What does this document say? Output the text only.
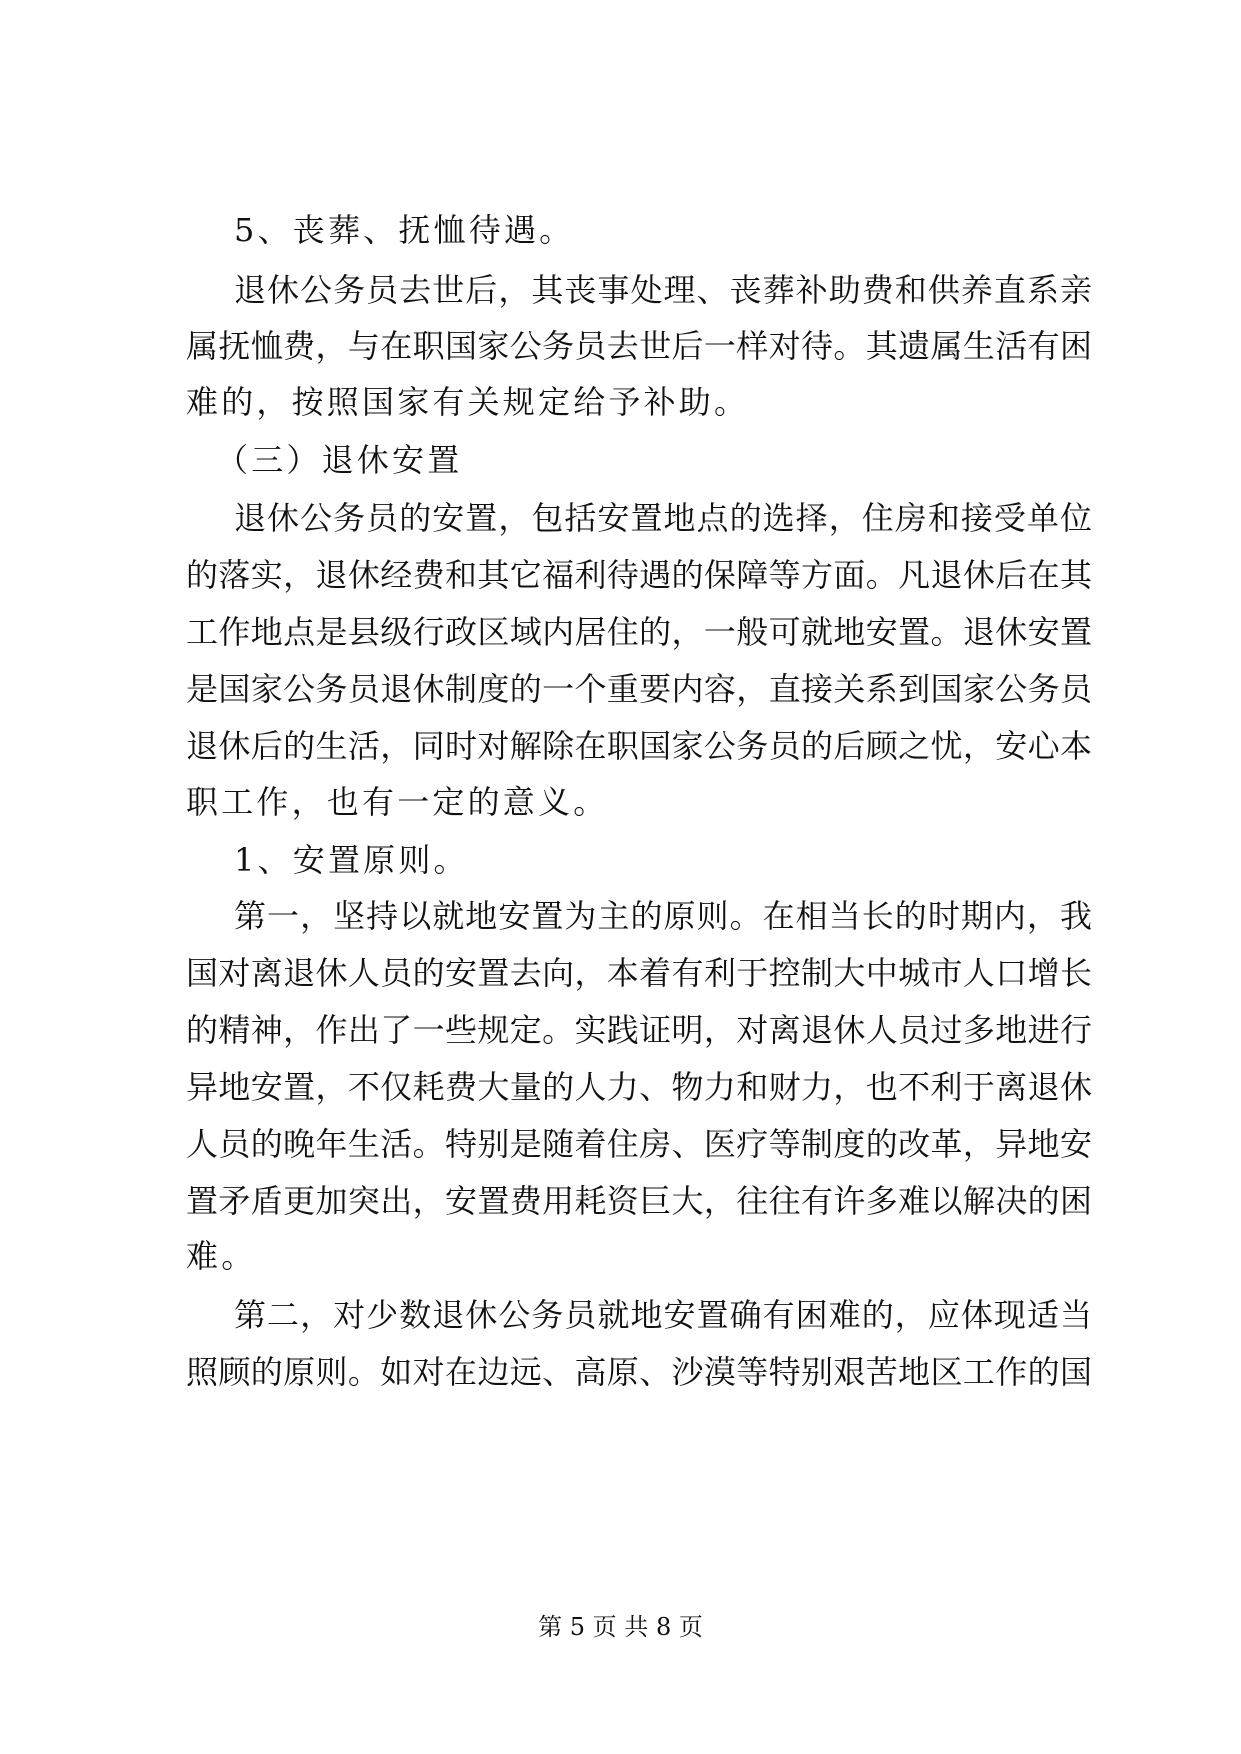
5、丧葬、抚恤待遇。
退休公务员去世后，其丧事处理、丧葬补助费和供养直系亲
属抚恤费，与在职国家公务员去世后一样对待。其遗属生活有困
难的，按照国家有关规定给予补助。
（三）退休安置
退休公务员的安置，包括安置地点的选择，住房和接受单位
的落实，退休经费和其它福利待遇的保障等方面。凡退休后在其
工作地点是县级行政区域内居住的，一般可就地安置。退休安置
是国家公务员退休制度的一个重要内容，直接关系到国家公务员
退休后的生活，同时对解除在职国家公务员的后顾之忧，安心本
职工作，也有一定的意义。
1、安置原则。
第一，坚持以就地安置为主的原则。在相当长的时期内，我
国对离退休人员的安置去向，本着有利于控制大中城市人口增长
的精神，作出了一些规定。实践证明，对离退休人员过多地进行
异地安置，不仅耗费大量的人力、物力和财力，也不利于离退休
人员的晚年生活。特别是随着住房、医疗等制度的改革，异地安
置矛盾更加突出，安置费用耗资巨大，往往有许多难以解决的困
难。
第二，对少数退休公务员就地安置确有困难的，应体现适当
照顾的原则。如对在边远、高原、沙漠等特别艰苦地区工作的国
第 5 页 共 8 页
